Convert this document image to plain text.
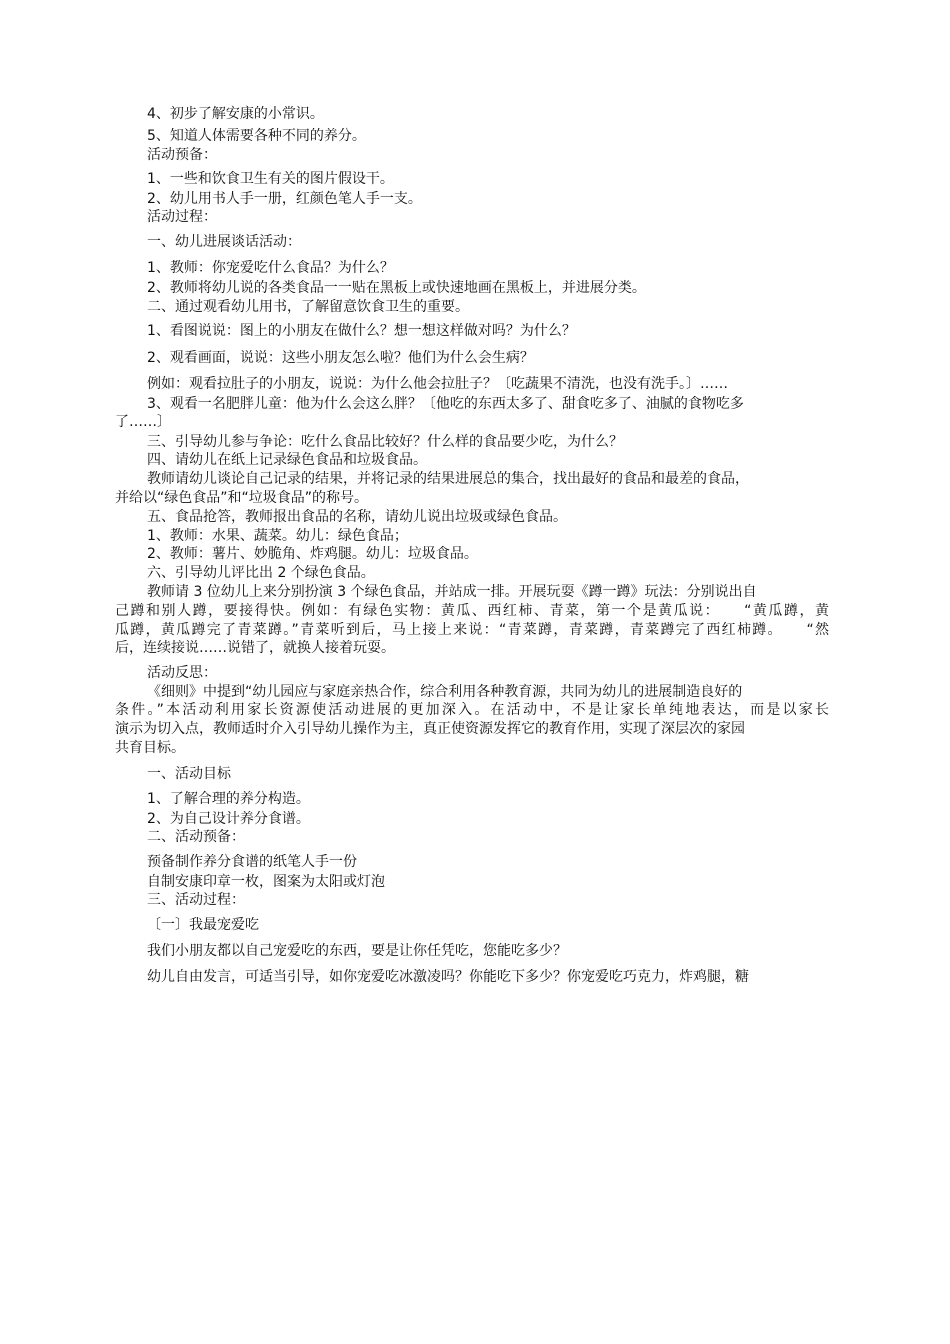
4、初步了解安康的小常识。
5、知道人体需要各种不同的养分。
活动预备：
1、一些和饮食卫生有关的图片假设干。
2、幼儿用书人手一册，红颜色笔人手一支。
活动过程：
一、幼儿进展谈话活动：
1、教师：你宠爱吃什么食品？为什么？
2、教师将幼儿说的各类食品一一贴在黑板上或快速地画在黑板上，并进展分类。
二、通过观看幼儿用书，了解留意饮食卫生的重要。
1、看图说说：图上的小朋友在做什么？想一想这样做对吗？为什么？
2、观看画面，说说：这些小朋友怎么啦？他们为什么会生病？
例如：观看拉肚子的小朋友，说说：为什么他会拉肚子？〔吃蔬果不清洗，也没有洗手。〕……
3、观看一名肥胖儿童：他为什么会这么胖？〔他吃的东西太多了、甜食吃多了、油腻的食物吃多
了……〕
三、引导幼儿参与争论：吃什么食品比较好？什么样的食品要少吃，为什么？
四、请幼儿在纸上记录绿色食品和垃圾食品。
教师请幼儿谈论自己记录的结果，并将记录的结果进展总的集合，找出最好的食品和最差的食品，
并给以“绿色食品”和“垃圾食品”的称号。
五、食品抢答，教师报出食品的名称，请幼儿说出垃圾或绿色食品。
1、教师：水果、蔬菜。幼儿：绿色食品；
2、教师：薯片、妙脆角、炸鸡腿。幼儿：垃圾食品。
六、引导幼儿评比出 2 个绿色食品。
教师请 3 位幼儿上来分别扮演 3 个绿色食品，并站成一排。开展玩耍《蹲一蹲》玩法：分别说出自
己蹲和别人蹲，要接得快。例如：有绿色实物：黄瓜、西红柿、青菜，第一个是黄瓜说：　　“黄瓜蹲，黄
瓜蹲，黄瓜蹲完了青菜蹲。”青菜听到后，马上接上来说：“青菜蹲，青菜蹲，青菜蹲完了西红柿蹲。　　“然
后，连续接说……说错了，就换人接着玩耍。
活动反思：
《细则》中提到“幼儿园应与家庭亲热合作，综合利用各种教育源，共同为幼儿的进展制造良好的
条件。”本活动利用家长资源使活动进展的更加深入。在活动中，不是让家长单纯地表达，而是以家长
演示为切入点，教师适时介入引导幼儿操作为主，真正使资源发挥它的教育作用，实现了深层次的家园
共育目标。
一、活动目标
1、了解合理的养分构造。
2、为自己设计养分食谱。
二、活动预备：
预备制作养分食谱的纸笔人手一份
自制安康印章一枚，图案为太阳或灯泡
三、活动过程：
〔一〕我最宠爱吃
我们小朋友都以自己宠爱吃的东西，要是让你任凭吃，您能吃多少？
幼儿自由发言，可适当引导，如你宠爱吃冰激凌吗？你能吃下多少？你宠爱吃巧克力，炸鸡腿，糖
